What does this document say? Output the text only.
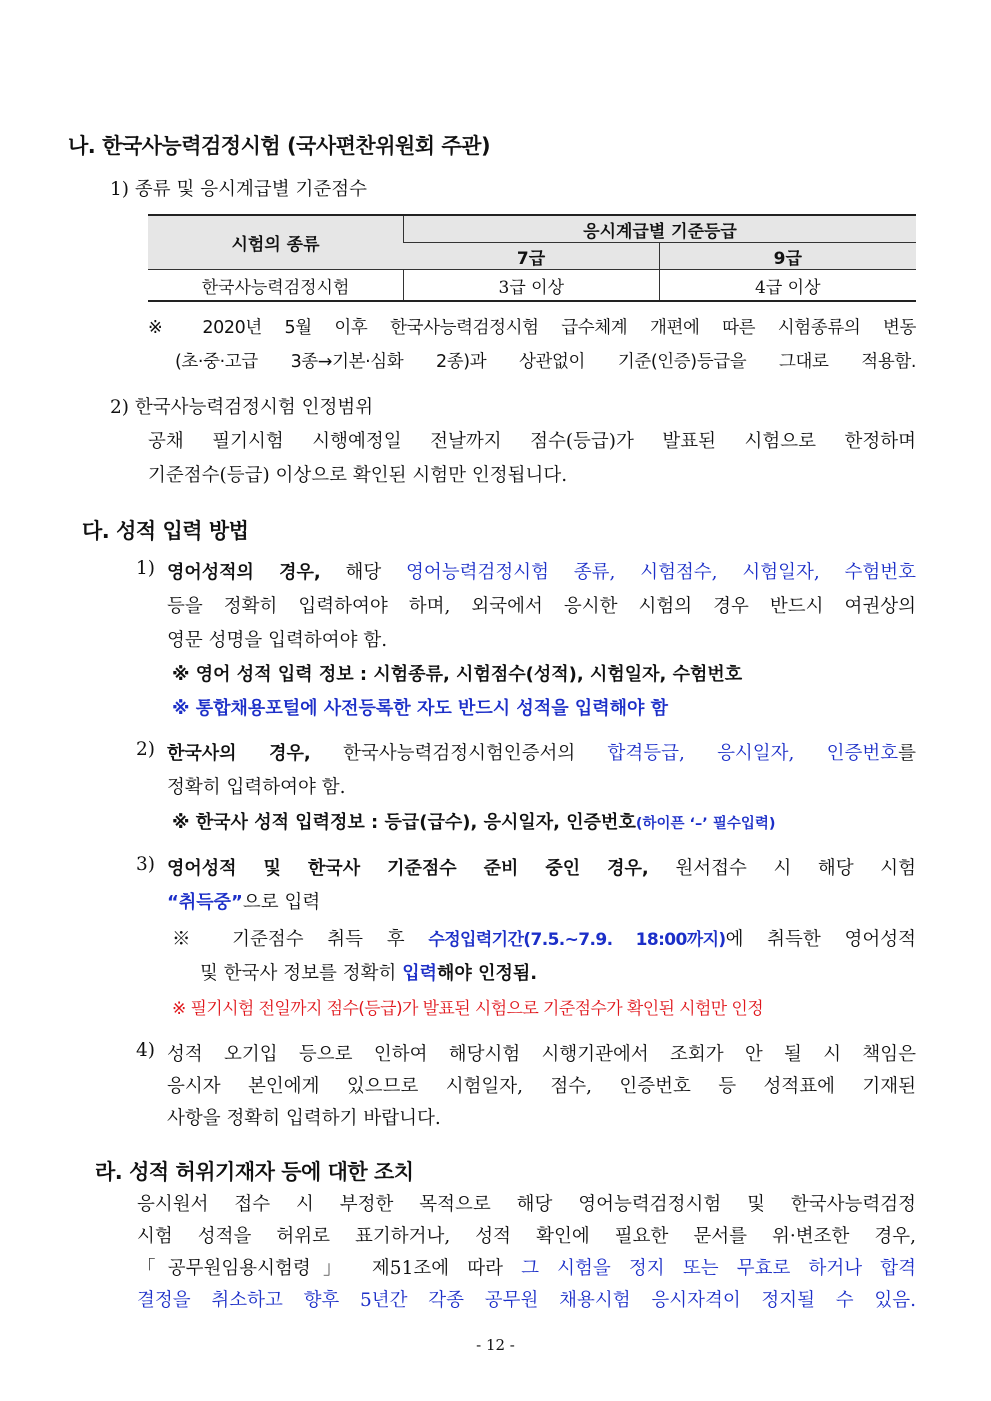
나. 한국사능력검정시험 (국사편찬위원회 주관)
1) 종류 및 응시계급별 기준점수
시험의 종류	응시계급별 기준등급	
	7급	9급
한국사능력검정시험	3급 이상	4급 이상
※ 2020년 5월 이후 한국사능력검정시험 급수체계 개편에 따른 시험종류의 변동
(초·중·고급 3종→기본·심화 2종)과 상관없이 기준(인증)등급을 그대로 적용함.
2) 한국사능력검정시험 인정범위
공채 필기시험 시행예정일 전날까지 점수(등급)가 발표된 시험으로 한정하며
기준점수(등급) 이상으로 확인된 시험만 인정됩니다.
다. 성적 입력 방법
1) 영어성적의 경우, 해당 영어능력검정시험 종류, 시험점수, 시험일자, 수험번호
등을 정확히 입력하여야 하며, 외국에서 응시한 시험의 경우 반드시 여권상의
영문 성명을 입력하여야 함.
※ 영어 성적 입력 정보 : 시험종류, 시험점수(성적), 시험일자, 수험번호
※ 통합채용포털에 사전등록한 자도 반드시 성적을 입력해야 함
2) 한국사의 경우, 한국사능력검정시험인증서의 합격등급, 응시일자, 인증번호를
정확히 입력하여야 함.
※ 한국사 성적 입력정보 : 등급(급수), 응시일자, 인증번호(하이픈 ‘–’ 필수입력)
3) 영어성적 및 한국사 기준점수 준비 중인 경우, 원서접수 시 해당 시험
“취득중”으로 입력
※ 기준점수 취득 후 수정입력기간(7.5.~7.9. 18:00까지)에 취득한 영어성적
및 한국사 정보를 정확히 입력해야 인정됨.
※ 필기시험 전일까지 점수(등급)가 발표된 시험으로 기준점수가 확인된 시험만 인정
4) 성적 오기입 등으로 인하여 해당시험 시행기관에서 조회가 안 될 시 책임은
응시자 본인에게 있으므로 시험일자, 점수, 인증번호 등 성적표에 기재된
사항을 정확히 입력하기 바랍니다.
라. 성적 허위기재자 등에 대한 조치
응시원서 접수 시 부정한 목적으로 해당 영어능력검정시험 및 한국사능력검정
시험 성적을 허위로 표기하거나, 성적 확인에 필요한 문서를 위·변조한 경우,
「공무원임용시험령」 제51조에 따라 그 시험을 정지 또는 무효로 하거나 합격
결정을 취소하고 향후 5년간 각종 공무원 채용시험 응시자격이 정지될 수 있음.
- 12 -
